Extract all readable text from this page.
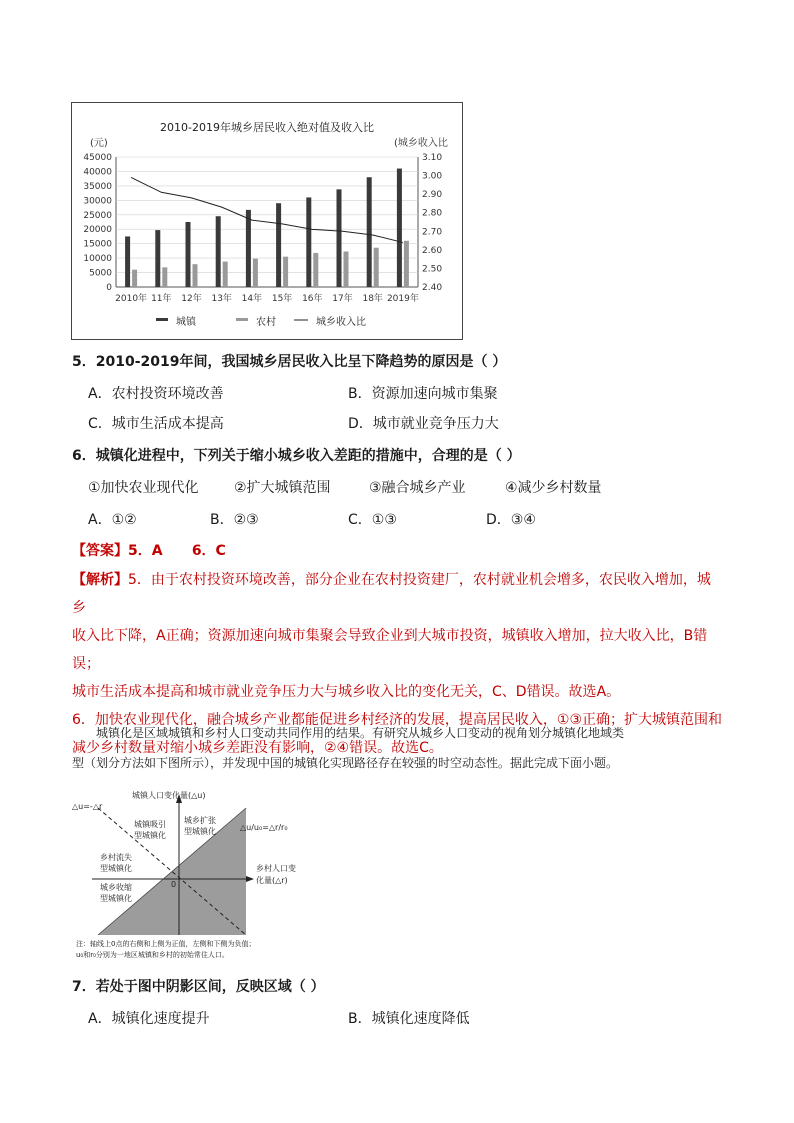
2010-2019年城乡居民收入绝对值及收入比
(元)	(城乡收入比
45000
40000
35000
30000
25000
20000
15000
10000
5000
0
3.10
3.00
2.90
2.80
2.70
2.60
2.50
2.40
2010年 11年 12年 13年 14年 15年 16年 17年 18年 2019年
城镇	农村	城乡收入比
5．2010-2019年间，我国城乡居民收入比呈下降趋势的原因是（ ）
A．农村投资环境改善	B．资源加速向城市集聚
C．城市生活成本提高	D．城市就业竞争压力大
6．城镇化进程中，下列关于缩小城乡收入差距的措施中，合理的是（ ）
①加快农业现代化	②扩大城镇范围	③融合城乡产业	④减少乡村数量
A．①②	B．②③	C．①③	D．③④
【答案】5．A      6．C
【解析】5．由于农村投资环境改善，部分企业在农村投资建厂，农村就业机会增多，农民收入增加，城乡
收入比下降，A正确；资源加速向城市集聚会导致企业到大城市投资，城镇收入增加，拉大收入比，B错误；
城市生活成本提高和城市就业竞争压力大与城乡收入比的变化无关，C、D错误。故选A。
6．加快农业现代化，融合城乡产业都能促进乡村经济的发展，提高居民收入，①③正确；扩大城镇范围和
减少乡村数量对缩小城乡差距没有影响，②④错误。故选C。
城镇化是区域城镇和乡村人口变动共同作用的结果。有研究从城乡人口变动的视角划分城镇化地域类
型（划分方法如下图所示），并发现中国的城镇化实现路径存在较强的时空动态性。据此完成下面小题。
城镇人口变化量(△u)
乡村人口变
化量(△r)
△u=-△r
△u/u₀=△r/r₀
0
城镇吸引
型城镇化
城乡扩张
型城镇化
乡村流失
型城镇化
城乡收缩
型城镇化
注：轴线上0点的右侧和上侧为正值，左侧和下侧为负值；
u₀和r₀分别为一地区城镇和乡村的初始常住人口。
7．若处于图中阴影区间，反映区域（ ）
A．城镇化速度提升	B．城镇化速度降低
